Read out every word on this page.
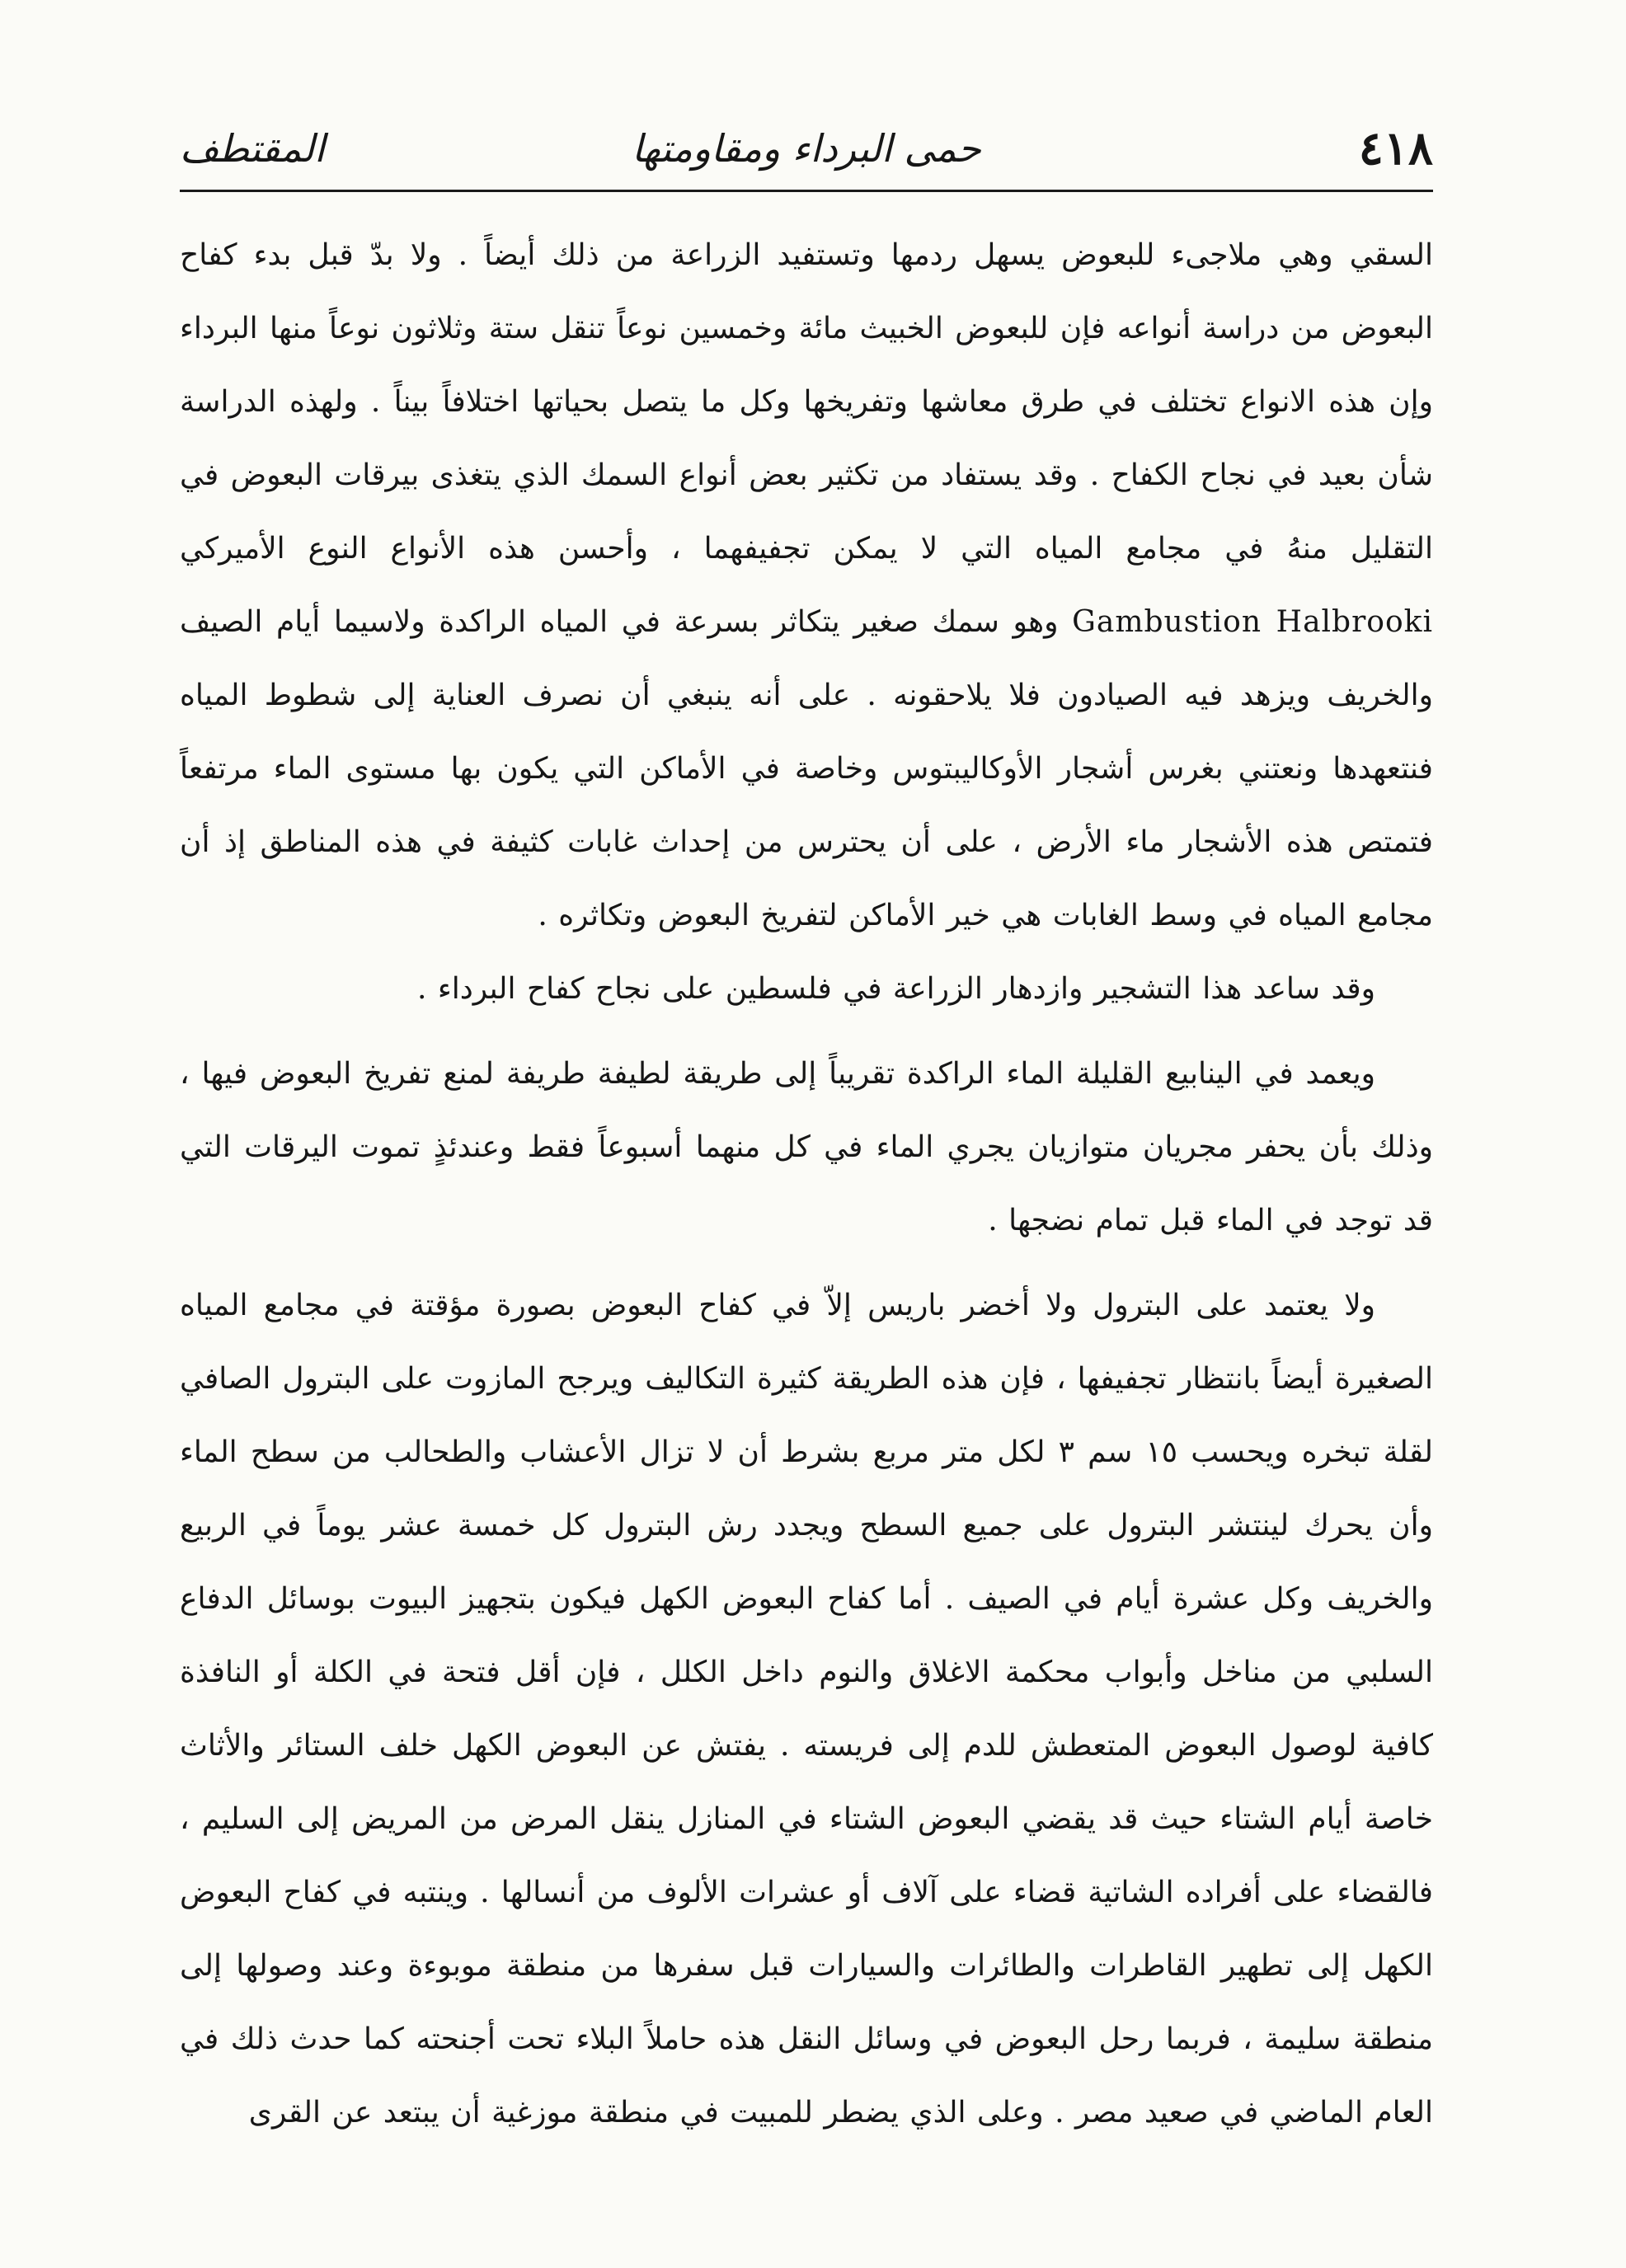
٤١٨
حمى البرداء ومقاومتها
المقتطف

السقي وهي ملاجىء للبعوض يسهل ردمها وتستفيد الزراعة من ذلك أيضاً . ولا بدّ قبل بدء كفاح البعوض من دراسة أنواعه فإن للبعوض الخبيث مائة وخمسين نوعاً تنقل ستة وثلاثون نوعاً منها البرداء وإن هذه الانواع تختلف في طرق معاشها وتفريخها وكل ما يتصل بحياتها اختلافاً بيناً . ولهذه الدراسة شأن بعيد في نجاح الكفاح . وقد يستفاد من تكثير بعض أنواع السمك الذي يتغذى بيرقات البعوض في التقليل منهُ في مجامع المياه التي لا يمكن تجفيفهما ، وأحسن هذه الأنواع النوع الأميركي Gambustion Halbrooki وهو سمك صغير يتكاثر بسرعة في المياه الراكدة ولاسيما أيام الصيف والخريف ويزهد فيه الصيادون فلا يلاحقونه . على أنه ينبغي أن نصرف العناية إلى شطوط المياه فنتعهدها ونعتني بغرس أشجار الأوكاليبتوس وخاصة في الأماكن التي يكون بها مستوى الماء مرتفعاً فتمتص هذه الأشجار ماء الأرض ، على أن يحترس من إحداث غابات كثيفة في هذه المناطق إذ أن مجامع المياه في وسط الغابات هي خير الأماكن لتفريخ البعوض وتكاثره .

وقد ساعد هذا التشجير وازدهار الزراعة في فلسطين على نجاح كفاح البرداء .

ويعمد في الينابيع القليلة الماء الراكدة تقريباً إلى طريقة لطيفة طريفة لمنع تفريخ البعوض فيها ، وذلك بأن يحفر مجريان متوازيان يجري الماء في كل منهما أسبوعاً فقط وعندئذٍ تموت اليرقات التي قد توجد في الماء قبل تمام نضجها .

ولا يعتمد على البترول ولا أخضر باريس إلاّ في كفاح البعوض بصورة مؤقتة في مجامع المياه الصغيرة أيضاً بانتظار تجفيفها ، فإن هذه الطريقة كثيرة التكاليف ويرجح المازوت على البترول الصافي لقلة تبخره ويحسب ١٥ سم ٣ لكل متر مربع بشرط أن لا تزال الأعشاب والطحالب من سطح الماء وأن يحرك لينتشر البترول على جميع السطح ويجدد رش البترول كل خمسة عشر يوماً في الربيع والخريف وكل عشرة أيام في الصيف . أما كفاح البعوض الكهل فيكون بتجهيز البيوت بوسائل الدفاع السلبي من مناخل وأبواب محكمة الاغلاق والنوم داخل الكلل ، فإن أقل فتحة في الكلة أو النافذة كافية لوصول البعوض المتعطش للدم إلى فريسته . يفتش عن البعوض الكهل خلف الستائر والأثاث خاصة أيام الشتاء حيث قد يقضي البعوض الشتاء في المنازل ينقل المرض من المريض إلى السليم ، فالقضاء على أفراده الشاتية قضاء على آلاف أو عشرات الألوف من أنسالها . وينتبه في كفاح البعوض الكهل إلى تطهير القاطرات والطائرات والسيارات قبل سفرها من منطقة موبوءة وعند وصولها إلى منطقة سليمة ، فربما رحل البعوض في وسائل النقل هذه حاملاً البلاء تحت أجنحته كما حدث ذلك في العام الماضي في صعيد مصر . وعلى الذي يضطر للمبيت في منطقة موزغية أن يبتعد عن القرى
